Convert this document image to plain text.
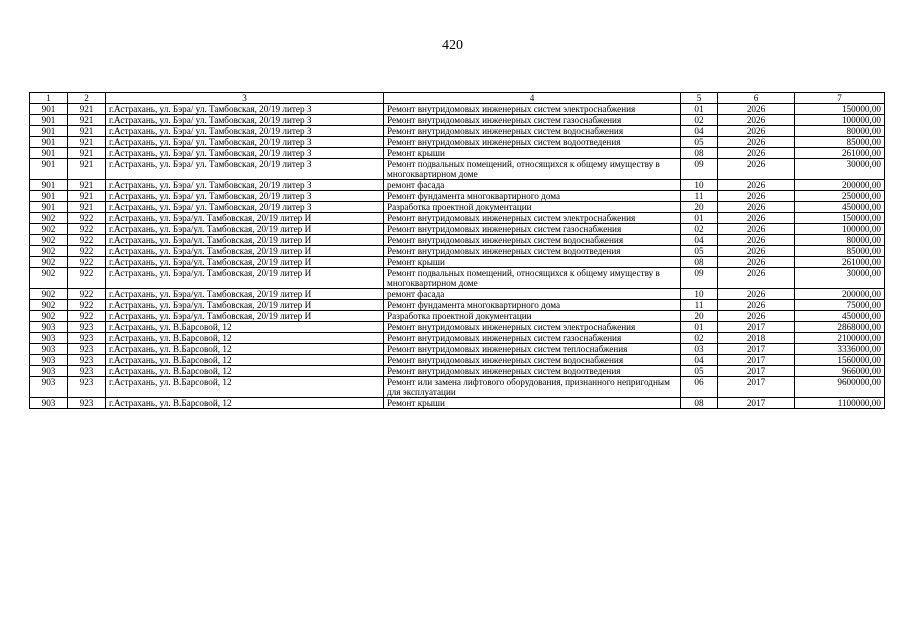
420
1	2	3	4	5	6	7
901	921	г.Астрахань, ул. Бэра/ ул. Тамбовская, 20/19 литер З	Ремонт внутридомовых инженерных систем электроснабжения	01	2026	150000,00
901	921	г.Астрахань, ул. Бэра/ ул. Тамбовская, 20/19 литер З	Ремонт внутридомовых инженерных систем газоснабжения	02	2026	100000,00
901	921	г.Астрахань, ул. Бэра/ ул. Тамбовская, 20/19 литер З	Ремонт внутридомовых инженерных систем водоснабжения	04	2026	80000,00
901	921	г.Астрахань, ул. Бэра/ ул. Тамбовская, 20/19 литер З	Ремонт внутридомовых инженерных систем водоотведения	05	2026	85000,00
901	921	г.Астрахань, ул. Бэра/ ул. Тамбовская, 20/19 литер З	Ремонт крыши	08	2026	261000,00
901	921	г.Астрахань, ул. Бэра/ ул. Тамбовская, 20/19 литер З	Ремонт подвальных помещений, относящихся к общему имуществу в многоквартирном доме	09	2026	30000,00
901	921	г.Астрахань, ул. Бэра/ ул. Тамбовская, 20/19 литер З	ремонт фасада	10	2026	200000,00
901	921	г.Астрахань, ул. Бэра/ ул. Тамбовская, 20/19 литер З	Ремонт фундамента многоквартирного дома	11	2026	250000,00
901	921	г.Астрахань, ул. Бэра/ ул. Тамбовская, 20/19 литер З	Разработка проектной документации	20	2026	450000,00
902	922	г.Астрахань, ул. Бэра/ул. Тамбовская, 20/19 литер И	Ремонт внутридомовых инженерных систем электроснабжения	01	2026	150000,00
902	922	г.Астрахань, ул. Бэра/ул. Тамбовская, 20/19 литер И	Ремонт внутридомовых инженерных систем газоснабжения	02	2026	100000,00
902	922	г.Астрахань, ул. Бэра/ул. Тамбовская, 20/19 литер И	Ремонт внутридомовых инженерных систем водоснабжения	04	2026	80000,00
902	922	г.Астрахань, ул. Бэра/ул. Тамбовская, 20/19 литер И	Ремонт внутридомовых инженерных систем водоотведения	05	2026	85000,00
902	922	г.Астрахань, ул. Бэра/ул. Тамбовская, 20/19 литер И	Ремонт крыши	08	2026	261000,00
902	922	г.Астрахань, ул. Бэра/ул. Тамбовская, 20/19 литер И	Ремонт подвальных помещений, относящихся к общему имуществу в многоквартирном доме	09	2026	30000,00
902	922	г.Астрахань, ул. Бэра/ул. Тамбовская, 20/19 литер И	ремонт фасада	10	2026	200000,00
902	922	г.Астрахань, ул. Бэра/ул. Тамбовская, 20/19 литер И	Ремонт фундамента многоквартирного дома	11	2026	75000,00
902	922	г.Астрахань, ул. Бэра/ул. Тамбовская, 20/19 литер И	Разработка проектной документации	20	2026	450000,00
903	923	г.Астрахань, ул. В.Барсовой, 12	Ремонт внутридомовых инженерных систем электроснабжения	01	2017	2868000,00
903	923	г.Астрахань, ул. В.Барсовой, 12	Ремонт внутридомовых инженерных систем газоснабжения	02	2018	2100000,00
903	923	г.Астрахань, ул. В.Барсовой, 12	Ремонт внутридомовых инженерных систем теплоснабжения	03	2017	3336000,00
903	923	г.Астрахань, ул. В.Барсовой, 12	Ремонт внутридомовых инженерных систем водоснабжения	04	2017	1560000,00
903	923	г.Астрахань, ул. В.Барсовой, 12	Ремонт внутридомовых инженерных систем водоотведения	05	2017	966000,00
903	923	г.Астрахань, ул. В.Барсовой, 12	Ремонт или замена лифтового оборудования, признанного непригодным для эксплуатации	06	2017	9600000,00
903	923	г.Астрахань, ул. В.Барсовой, 12	Ремонт крыши	08	2017	1100000,00
